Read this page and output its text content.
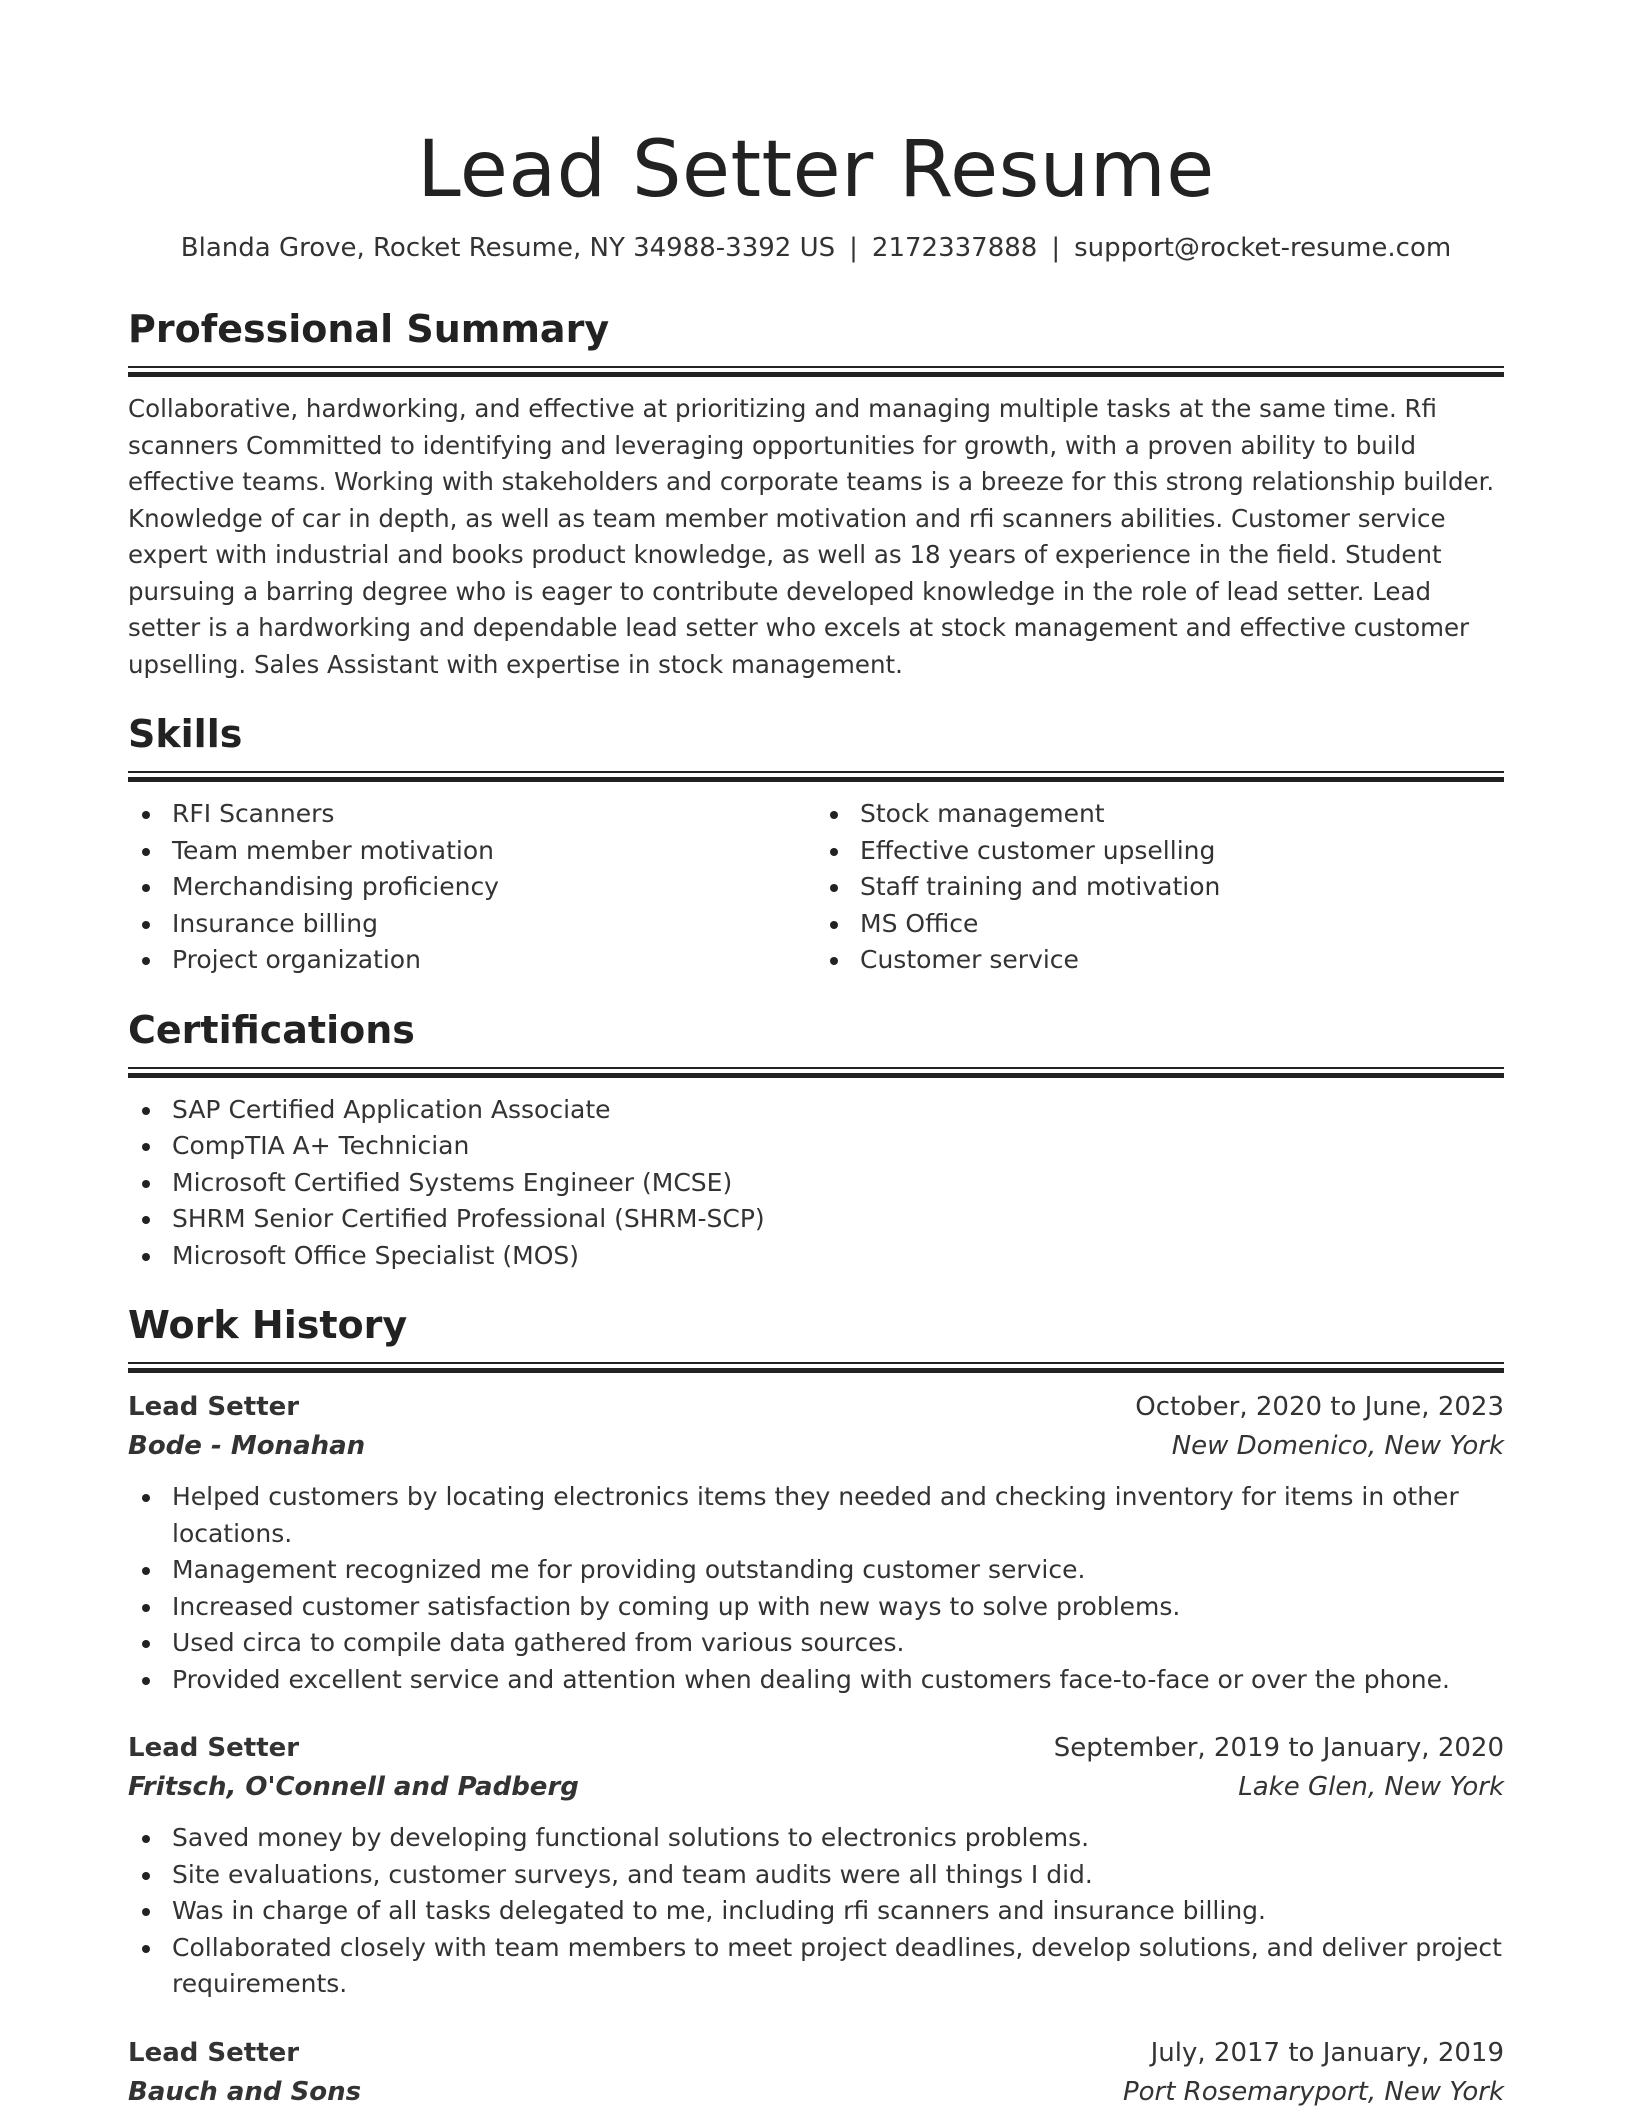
Lead Setter Resume
Blanda Grove, Rocket Resume, NY 34988-3392 US | 2172337888 | support@rocket-resume.com
Professional Summary

Collaborative, hardworking, and effective at prioritizing and managing multiple tasks at the same time. Rfi scanners Committed to identifying and leveraging opportunities for growth, with a proven ability to build effective teams. Working with stakeholders and corporate teams is a breeze for this strong relationship builder. Knowledge of car in depth, as well as team member motivation and rfi scanners abilities. Customer service expert with industrial and books product knowledge, as well as 18 years of experience in the field. Student pursuing a barring degree who is eager to contribute developed knowledge in the role of lead setter. Lead setter is a hardworking and dependable lead setter who excels at stock management and effective customer upselling. Sales Assistant with expertise in stock management.

Skills
RFI Scanners
Team member motivation
Merchandising proficiency
Insurance billing
Project organization
Stock management
Effective customer upselling
Staff training and motivation
MS Office
Customer service
Certifications
SAP Certified Application Associate
CompTIA A+ Technician
Microsoft Certified Systems Engineer (MCSE)
SHRM Senior Certified Professional (SHRM-SCP)
Microsoft Office Specialist (MOS)
Work History
Lead Setter	October, 2020 to June, 2023
Bode - Monahan	New Domenico, New York
Helped customers by locating electronics items they needed and checking inventory for items in other locations.
Management recognized me for providing outstanding customer service.
Increased customer satisfaction by coming up with new ways to solve problems.
Used circa to compile data gathered from various sources.
Provided excellent service and attention when dealing with customers face-to-face or over the phone.
Lead Setter	September, 2019 to January, 2020
Fritsch, O'Connell and Padberg	Lake Glen, New York
Saved money by developing functional solutions to electronics problems.
Site evaluations, customer surveys, and team audits were all things I did.
Was in charge of all tasks delegated to me, including rfi scanners and insurance billing.
Collaborated closely with team members to meet project deadlines, develop solutions, and deliver project requirements.
Lead Setter	July, 2017 to January, 2019
Bauch and Sons	Port Rosemaryport, New York
